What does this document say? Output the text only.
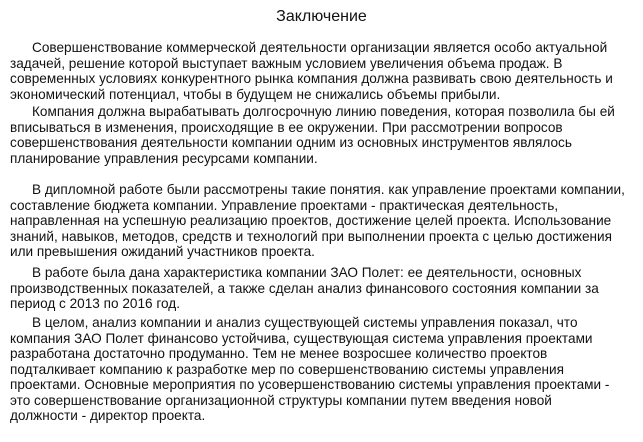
Заключение
Совершенствование коммерческой деятельности организации является особо актуальной
задачей, решение которой выступает важным условием увеличения объема продаж. В
современных условиях конкурентного рынка компания должна развивать свою деятельность и
экономический потенциал, чтобы в будущем не снижались объемы прибыли.
Компания должна вырабатывать долгосрочную линию поведения, которая позволила бы ей
вписываться в изменения, происходящие в ее окружении. При рассмотрении вопросов
совершенствования деятельности компании одним из основных инструментов являлось
планирование управления ресурсами компании.
В дипломной работе были рассмотрены такие понятия. как управление проектами компании,
составление бюджета компании. Управление проектами - практическая деятельность,
направленная на успешную реализацию проектов, достижение целей проекта. Использование
знаний, навыков, методов, средств и технологий при выполнении проекта с целью достижения
или превышения ожиданий участников проекта.
В работе была дана характеристика компании ЗАО Полет: ее деятельности, основных
производственных показателей, а также сделан анализ финансового состояния компании за
период с 2013 по 2016 год.
В целом, анализ компании и анализ существующей системы управления показал, что
компания ЗАО Полет финансово устойчива, существующая система управления проектами
разработана достаточно продуманно. Тем не менее возросшее количество проектов
подталкивает компанию к разработке мер по совершенствованию системы управления
проектами. Основные мероприятия по усовершенствованию системы управления проектами -
это совершенствование организационной структуры компании путем введения новой
должности - директор проекта.
